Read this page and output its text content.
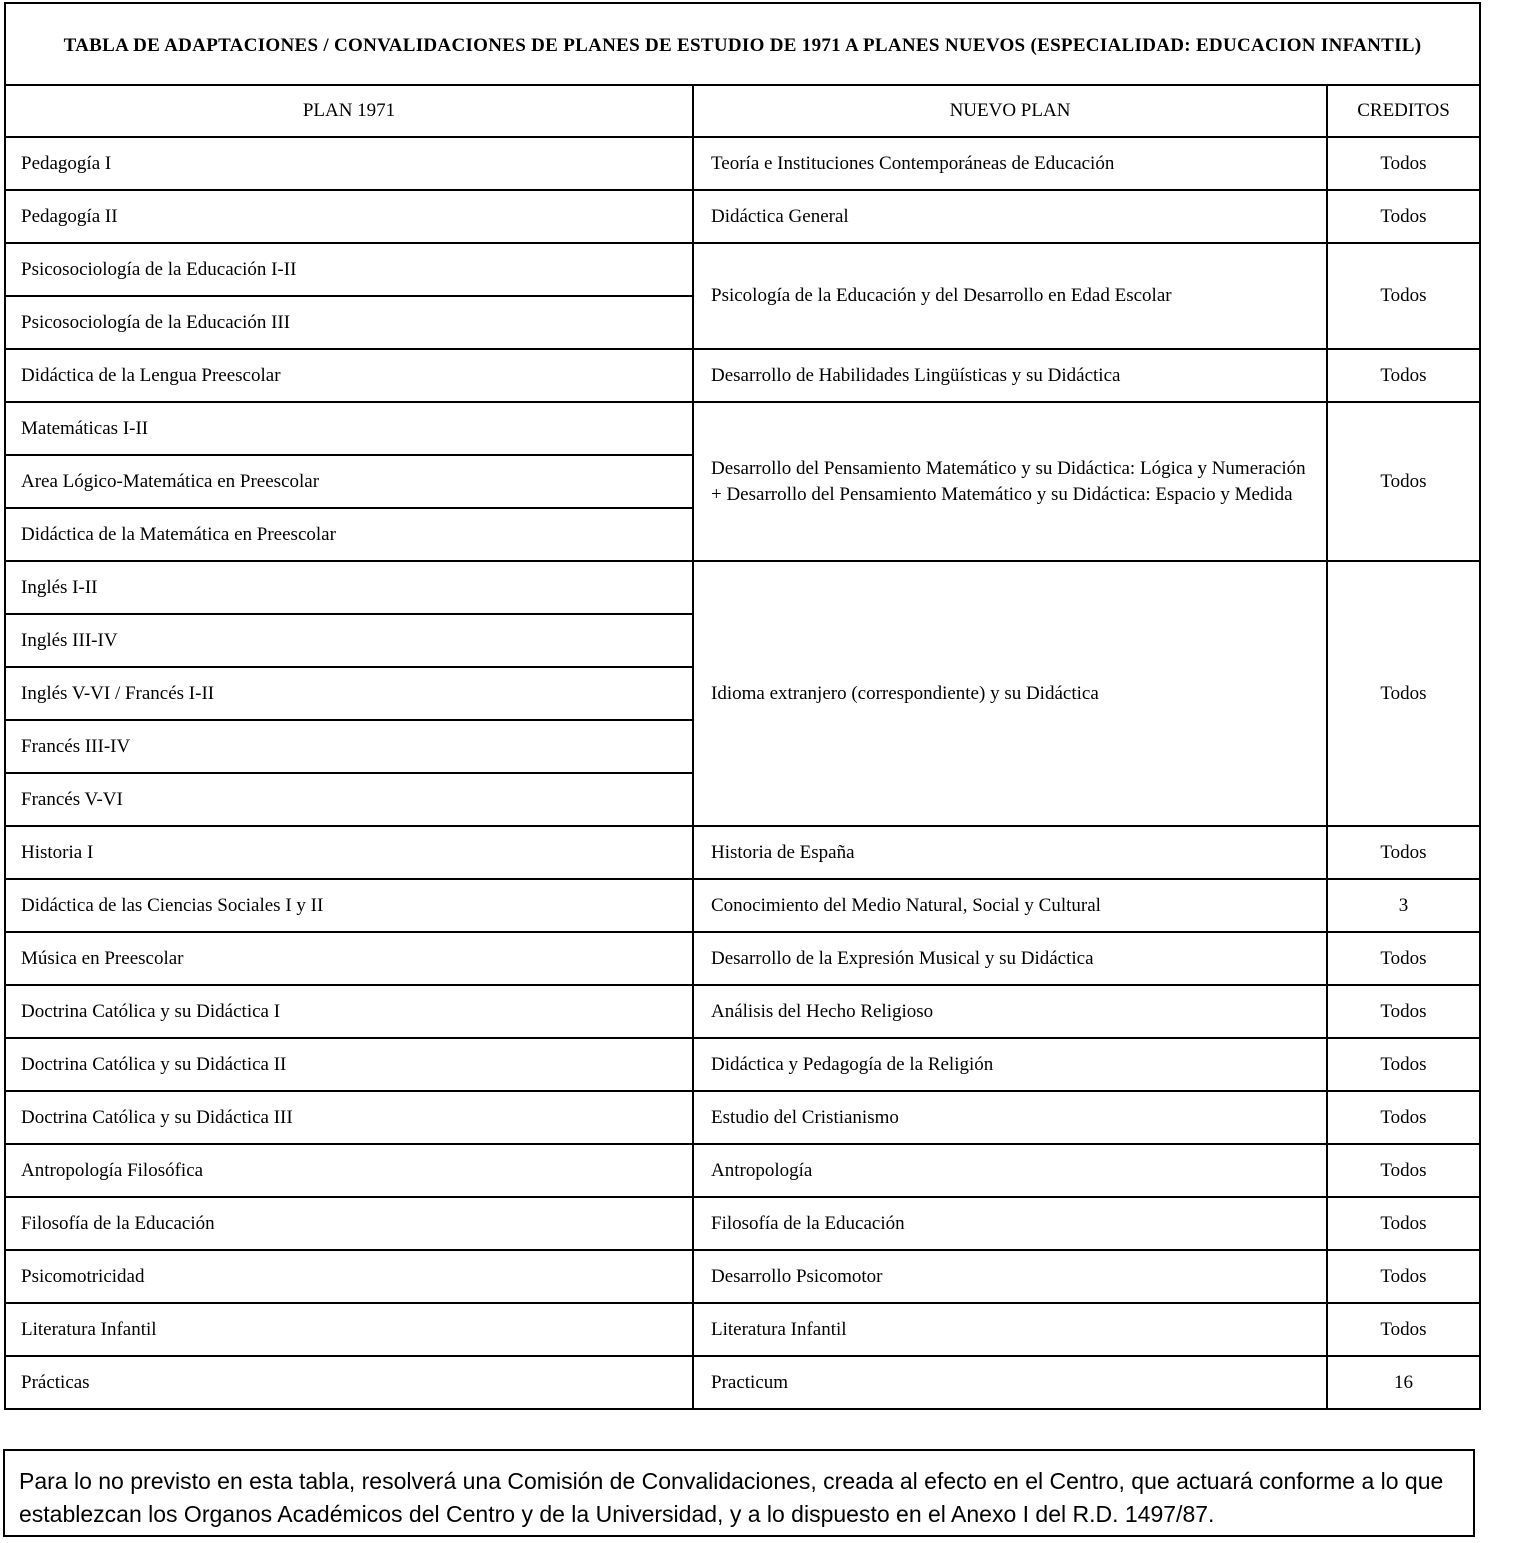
TABLA DE ADAPTACIONES / CONVALIDACIONES DE PLANES DE ESTUDIO DE 1971 A PLANES NUEVOS (ESPECIALIDAD: EDUCACION INFANTIL)		
PLAN 1971	NUEVO PLAN	CREDITOS
Pedagogía I	Teoría e Instituciones Contemporáneas de Educación	Todos
Pedagogía II	Didáctica General	Todos
Psicosociología de la Educación I-II	Psicología de la Educación y del Desarrollo en Edad Escolar	Todos
Psicosociología de la Educación III		
Didáctica de la Lengua Preescolar	Desarrollo de Habilidades Lingüísticas y su Didáctica	Todos
Matemáticas I-II	Desarrollo del Pensamiento Matemático y su Didáctica: Lógica y Numeración + Desarrollo del Pensamiento Matemático y su Didáctica: Espacio y Medida	Todos
Area Lógico-Matemática en Preescolar		
Didáctica de la Matemática en Preescolar		
Inglés I-II	Idioma extranjero (correspondiente) y su Didáctica	Todos
Inglés III-IV		
Inglés V-VI / Francés I-II		
Francés III-IV		
Francés V-VI		
Historia I	Historia de España	Todos
Didáctica de las Ciencias Sociales I y II	Conocimiento del Medio Natural, Social y Cultural	3
Música en Preescolar	Desarrollo de la Expresión Musical y su Didáctica	Todos
Doctrina Católica y su Didáctica I	Análisis del Hecho Religioso	Todos
Doctrina Católica y su Didáctica II	Didáctica y Pedagogía de la Religión	Todos
Doctrina Católica y su Didáctica III	Estudio del Cristianismo	Todos
Antropología Filosófica	Antropología	Todos
Filosofía de la Educación	Filosofía de la Educación	Todos
Psicomotricidad	Desarrollo Psicomotor	Todos
Literatura Infantil	Literatura Infantil	Todos
Prácticas	Practicum	16
Para lo no previsto en esta tabla, resolverá una Comisión de Convalidaciones, creada al efecto en el Centro, que actuará conforme a lo que establezcan los Organos Académicos del Centro y de la Universidad, y a lo dispuesto en el Anexo I del R.D. 1497/87.
